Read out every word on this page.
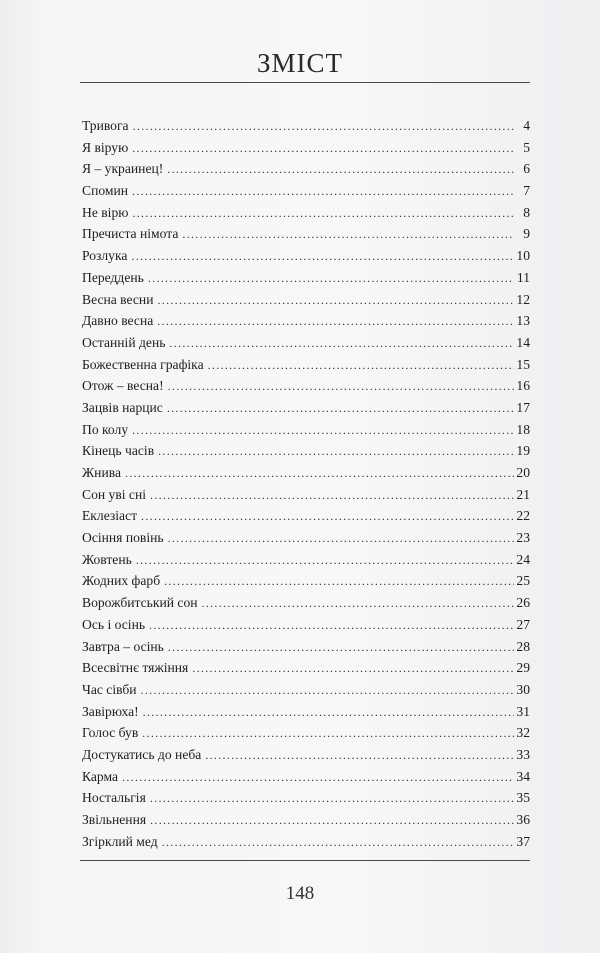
ЗМІСТ
Тривога .....	4
Я вірую .....	5
Я – украинец! .....	6
Спомин .....	7
Не вірю .....	8
Пречиста німота .....	9
Розлука .....	10
Переддень .....	11
Весна весни .....	12
Давно весна .....	13
Останній день .....	14
Божественна графіка .....	15
Отож – весна! .....	16
Зацвів нарцис .....	17
По колу .....	18
Кінець часів .....	19
Жнива .....	20
Сон уві сні .....	21
Еклезіаст .....	22
Осіння повінь .....	23
Жовтень .....	24
Жодних фарб .....	25
Ворожбитський сон .....	26
Ось і осінь .....	27
Завтра – осінь .....	28
Всесвітнє тяжіння .....	29
Час сівби .....	30
Завірюха! .....	31
Голос був .....	32
Достукатись до неба .....	33
Карма .....	34
Ностальгія .....	35
Звільнення .....	36
Згірклий мед .....	37
148
